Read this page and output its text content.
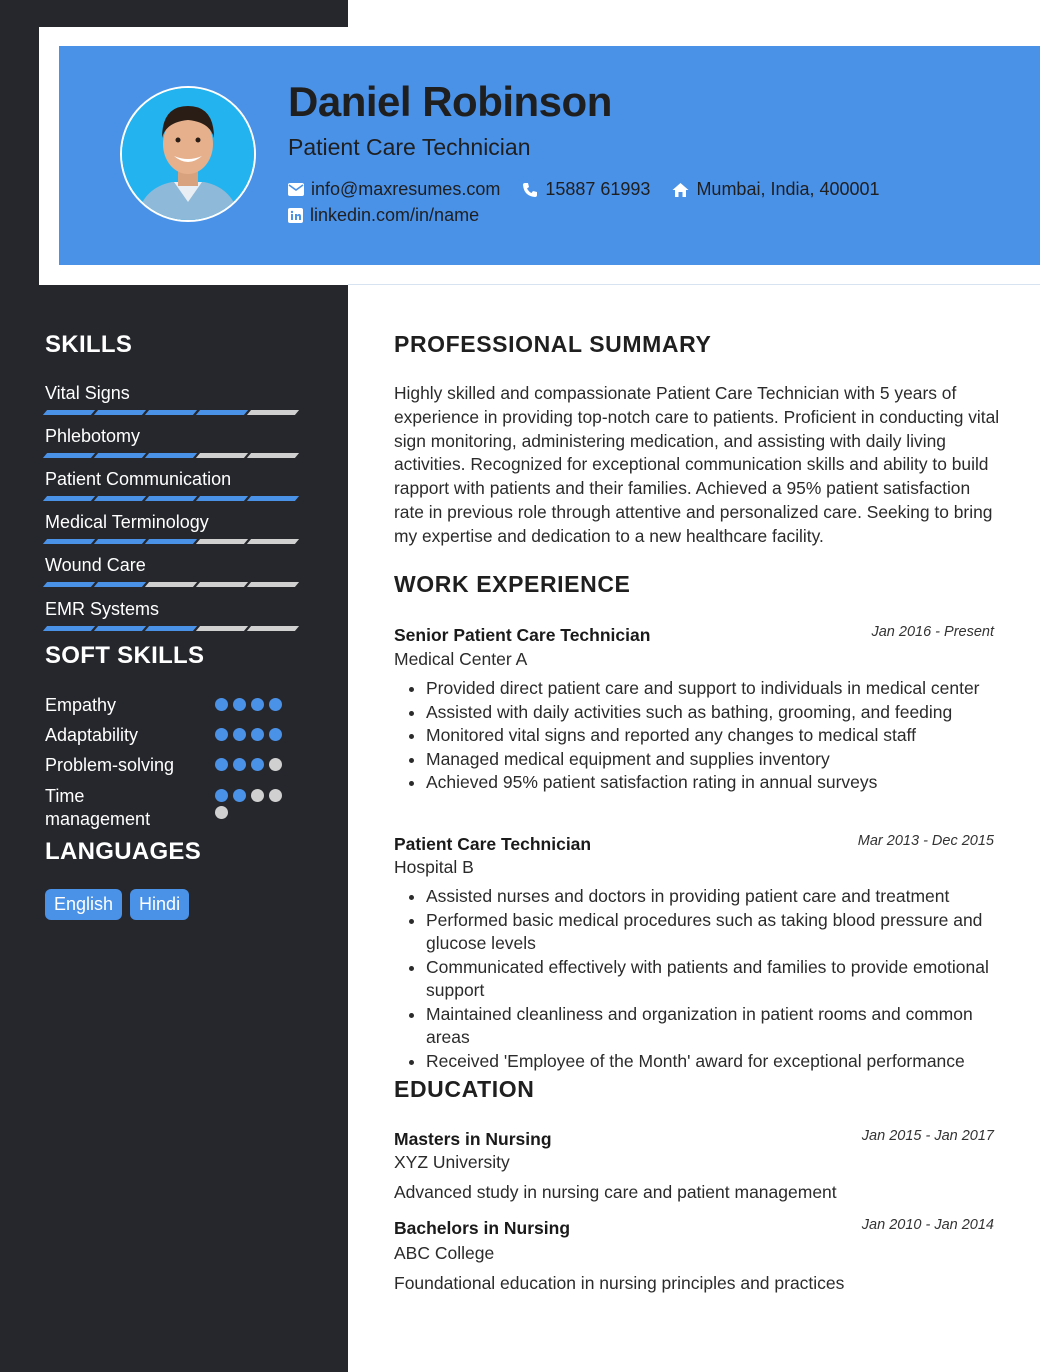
Daniel Robinson

Patient Care Technician

info@maxresumes.com	15887 61993	Mumbai, India, 400001
linkedin.com/in/name
SKILLS
Vital Signs
Phlebotomy
Patient Communication
Medical Terminology
Wound Care
EMR Systems
SOFT SKILLS
Empathy
Adaptability
Problem-solving
Time management
LANGUAGES
English	Hindi
PROFESSIONAL SUMMARY

Highly skilled and compassionate Patient Care Technician with 5 years of experience in providing top-notch care to patients. Proficient in conducting vital sign monitoring, administering medication, and assisting with daily living activities. Recognized for exceptional communication skills and ability to build rapport with patients and their families. Achieved a 95% patient satisfaction rate in previous role through attentive and personalized care. Seeking to bring my expertise and dedication to a new healthcare facility.

WORK EXPERIENCE

Senior Patient Care Technician	Jan 2016 - Present

Medical Center A

• Provided direct patient care and support to individuals in medical center
• Assisted with daily activities such as bathing, grooming, and feeding
• Monitored vital signs and reported any changes to medical staff
• Managed medical equipment and supplies inventory
• Achieved 95% patient satisfaction rating in annual surveys

Patient Care Technician	Mar 2013 - Dec 2015

Hospital B

• Assisted nurses and doctors in providing patient care and treatment
• Performed basic medical procedures such as taking blood pressure and glucose levels
• Communicated effectively with patients and families to provide emotional support
• Maintained cleanliness and organization in patient rooms and common areas
• Received 'Employee of the Month' award for exceptional performance
EDUCATION

Masters in Nursing	Jan 2015 - Jan 2017

XYZ University

Advanced study in nursing care and patient management

Bachelors in Nursing	Jan 2010 - Jan 2014

ABC College

Foundational education in nursing principles and practices
